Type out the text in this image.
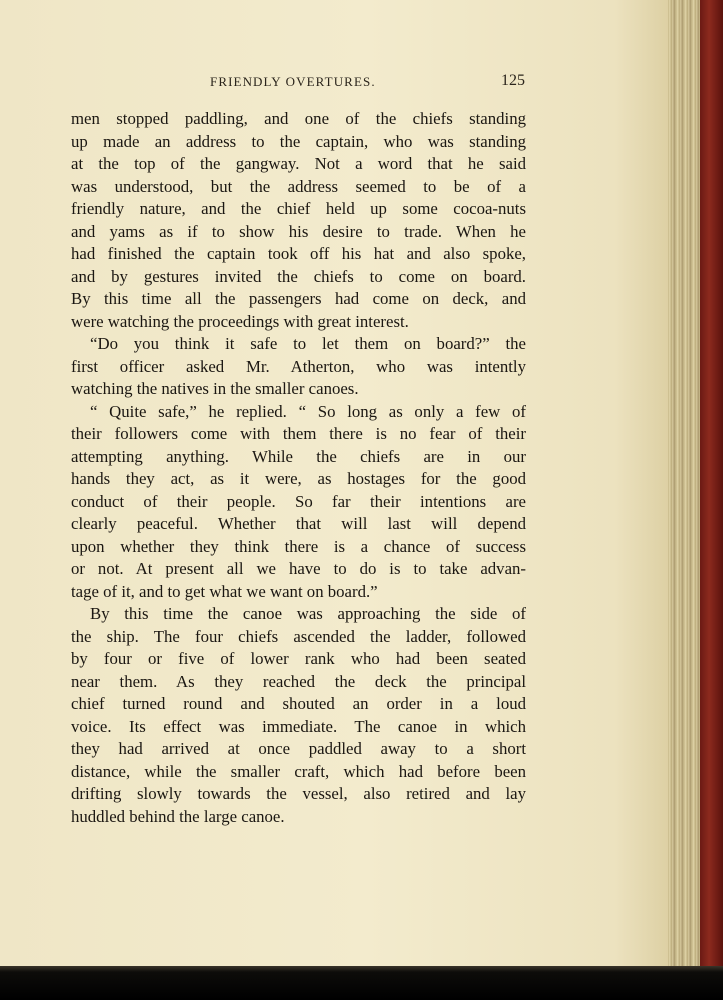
FRIENDLY OVERTURES.	125
men stopped paddling, and one of the chiefs standing
up made an address to the captain, who was standing
at the top of the gangway. Not a word that he said
was understood, but the address seemed to be of a
friendly nature, and the chief held up some cocoa-nuts
and yams as if to show his desire to trade. When he
had finished the captain took off his hat and also spoke,
and by gestures invited the chiefs to come on board.
By this time all the passengers had come on deck, and
were watching the proceedings with great interest.
“Do you think it safe to let them on board?” the
first officer asked Mr. Atherton, who was intently
watching the natives in the smaller canoes.
“ Quite safe,” he replied. “ So long as only a few of
their followers come with them there is no fear of their
attempting anything. While the chiefs are in our
hands they act, as it were, as hostages for the good
conduct of their people. So far their intentions are
clearly peaceful. Whether that will last will depend
upon whether they think there is a chance of success
or not. At present all we have to do is to take advan-
tage of it, and to get what we want on board.”
By this time the canoe was approaching the side of
the ship. The four chiefs ascended the ladder, followed
by four or five of lower rank who had been seated
near them. As they reached the deck the principal
chief turned round and shouted an order in a loud
voice. Its effect was immediate. The canoe in which
they had arrived at once paddled away to a short
distance, while the smaller craft, which had before been
drifting slowly towards the vessel, also retired and lay
huddled behind the large canoe.
